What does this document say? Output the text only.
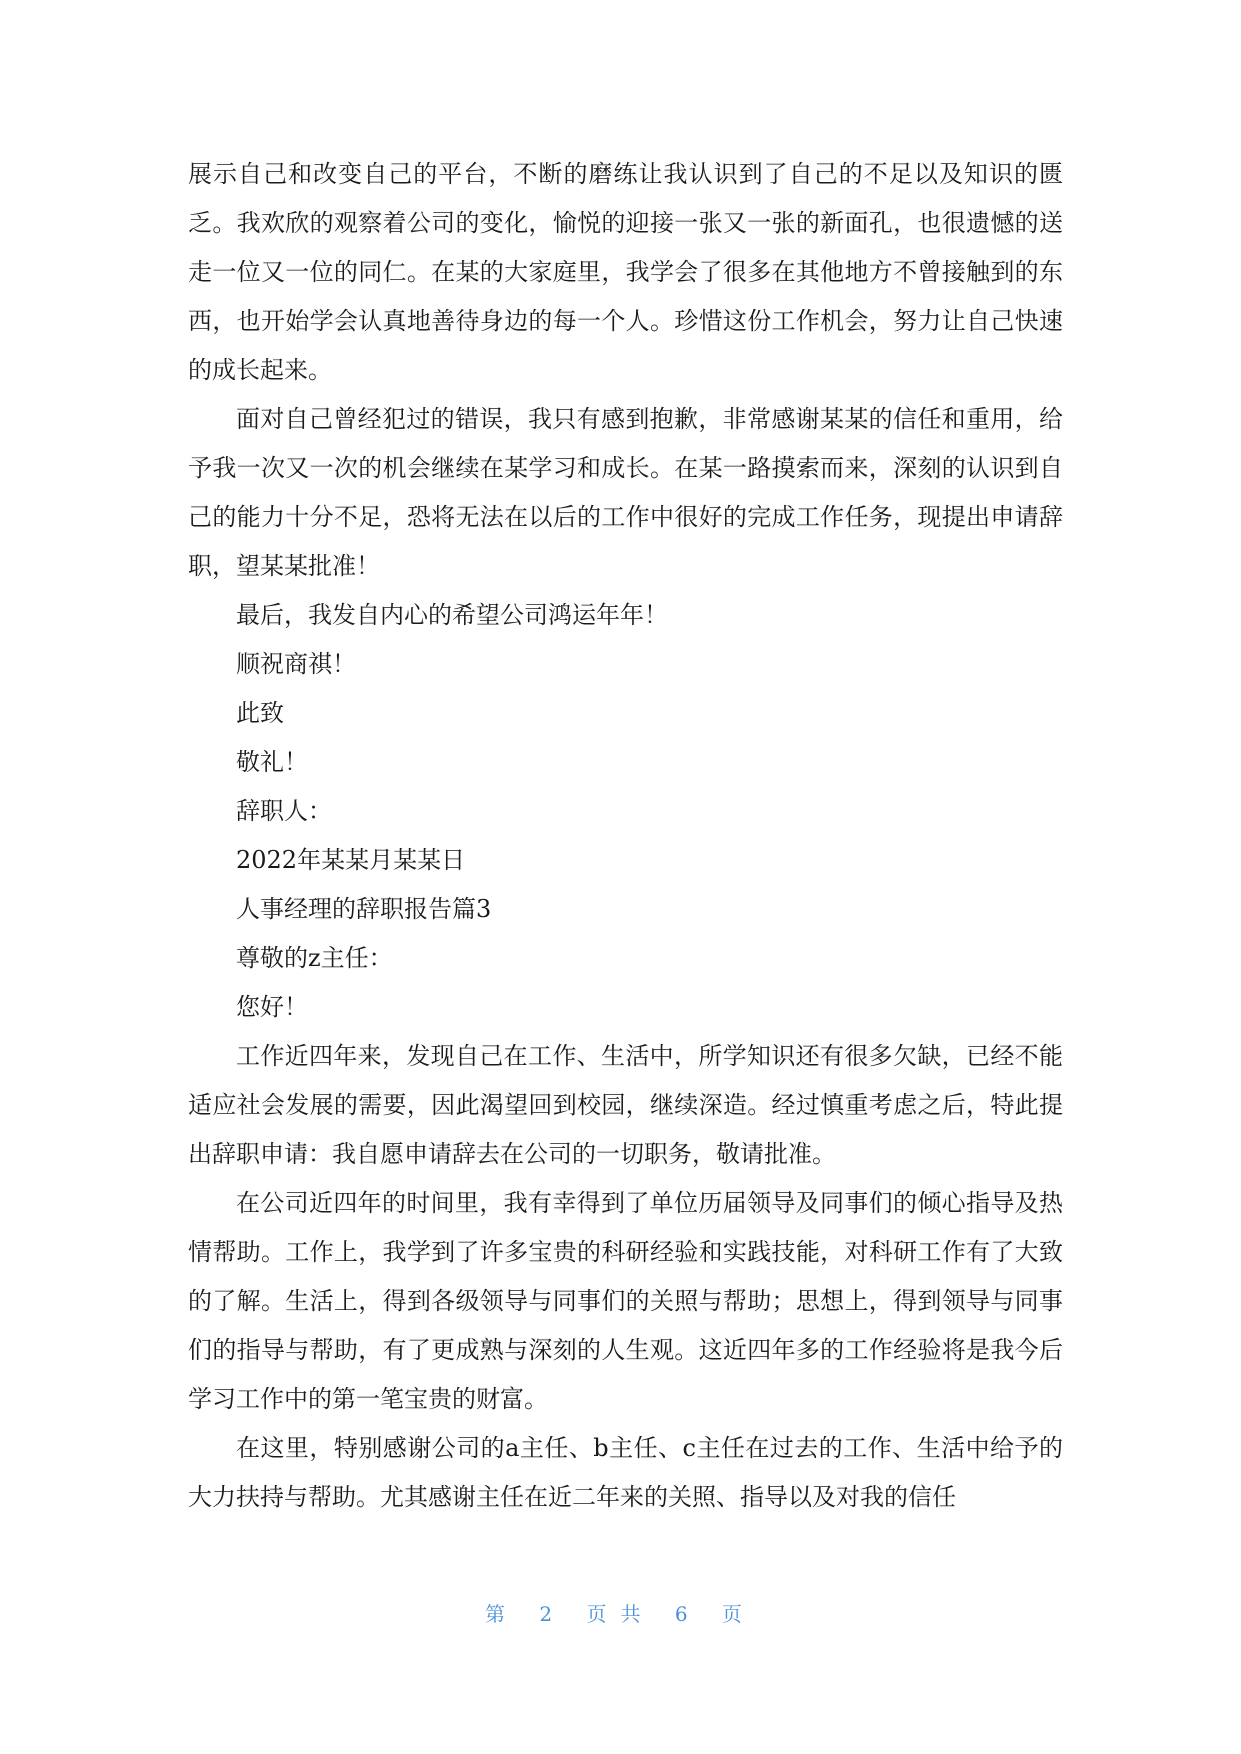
展示自己和改变自己的平台，不断的磨练让我认识到了自己的不足以及知识的匮乏。我欢欣的观察着公司的变化，愉悦的迎接一张又一张的新面孔，也很遗憾的送走一位又一位的同仁。在某的大家庭里，我学会了很多在其他地方不曾接触到的东西，也开始学会认真地善待身边的每一个人。珍惜这份工作机会，努力让自己快速的成长起来。

面对自己曾经犯过的错误，我只有感到抱歉，非常感谢某某的信任和重用，给予我一次又一次的机会继续在某学习和成长。在某一路摸索而来，深刻的认识到自己的能力十分不足，恐将无法在以后的工作中很好的完成工作任务，现提出申请辞职，望某某批准！

最后，我发自内心的希望公司鸿运年年！

顺祝商祺！

此致

敬礼！

辞职人：

2022年某某月某某日

人事经理的辞职报告篇3

尊敬的z主任：

您好！

工作近四年来，发现自己在工作、生活中，所学知识还有很多欠缺，已经不能适应社会发展的需要，因此渴望回到校园，继续深造。经过慎重考虑之后，特此提出辞职申请：我自愿申请辞去在公司的一切职务，敬请批准。

在公司近四年的时间里，我有幸得到了单位历届领导及同事们的倾心指导及热情帮助。工作上，我学到了许多宝贵的科研经验和实践技能，对科研工作有了大致的了解。生活上，得到各级领导与同事们的关照与帮助；思想上，得到领导与同事们的指导与帮助，有了更成熟与深刻的人生观。这近四年多的工作经验将是我今后学习工作中的第一笔宝贵的财富。

在这里，特别感谢公司的a主任、b主任、c主任在过去的工作、生活中给予的大力扶持与帮助。尤其感谢主任在近二年来的关照、指导以及对我的信任

第 2 页共 6 页
